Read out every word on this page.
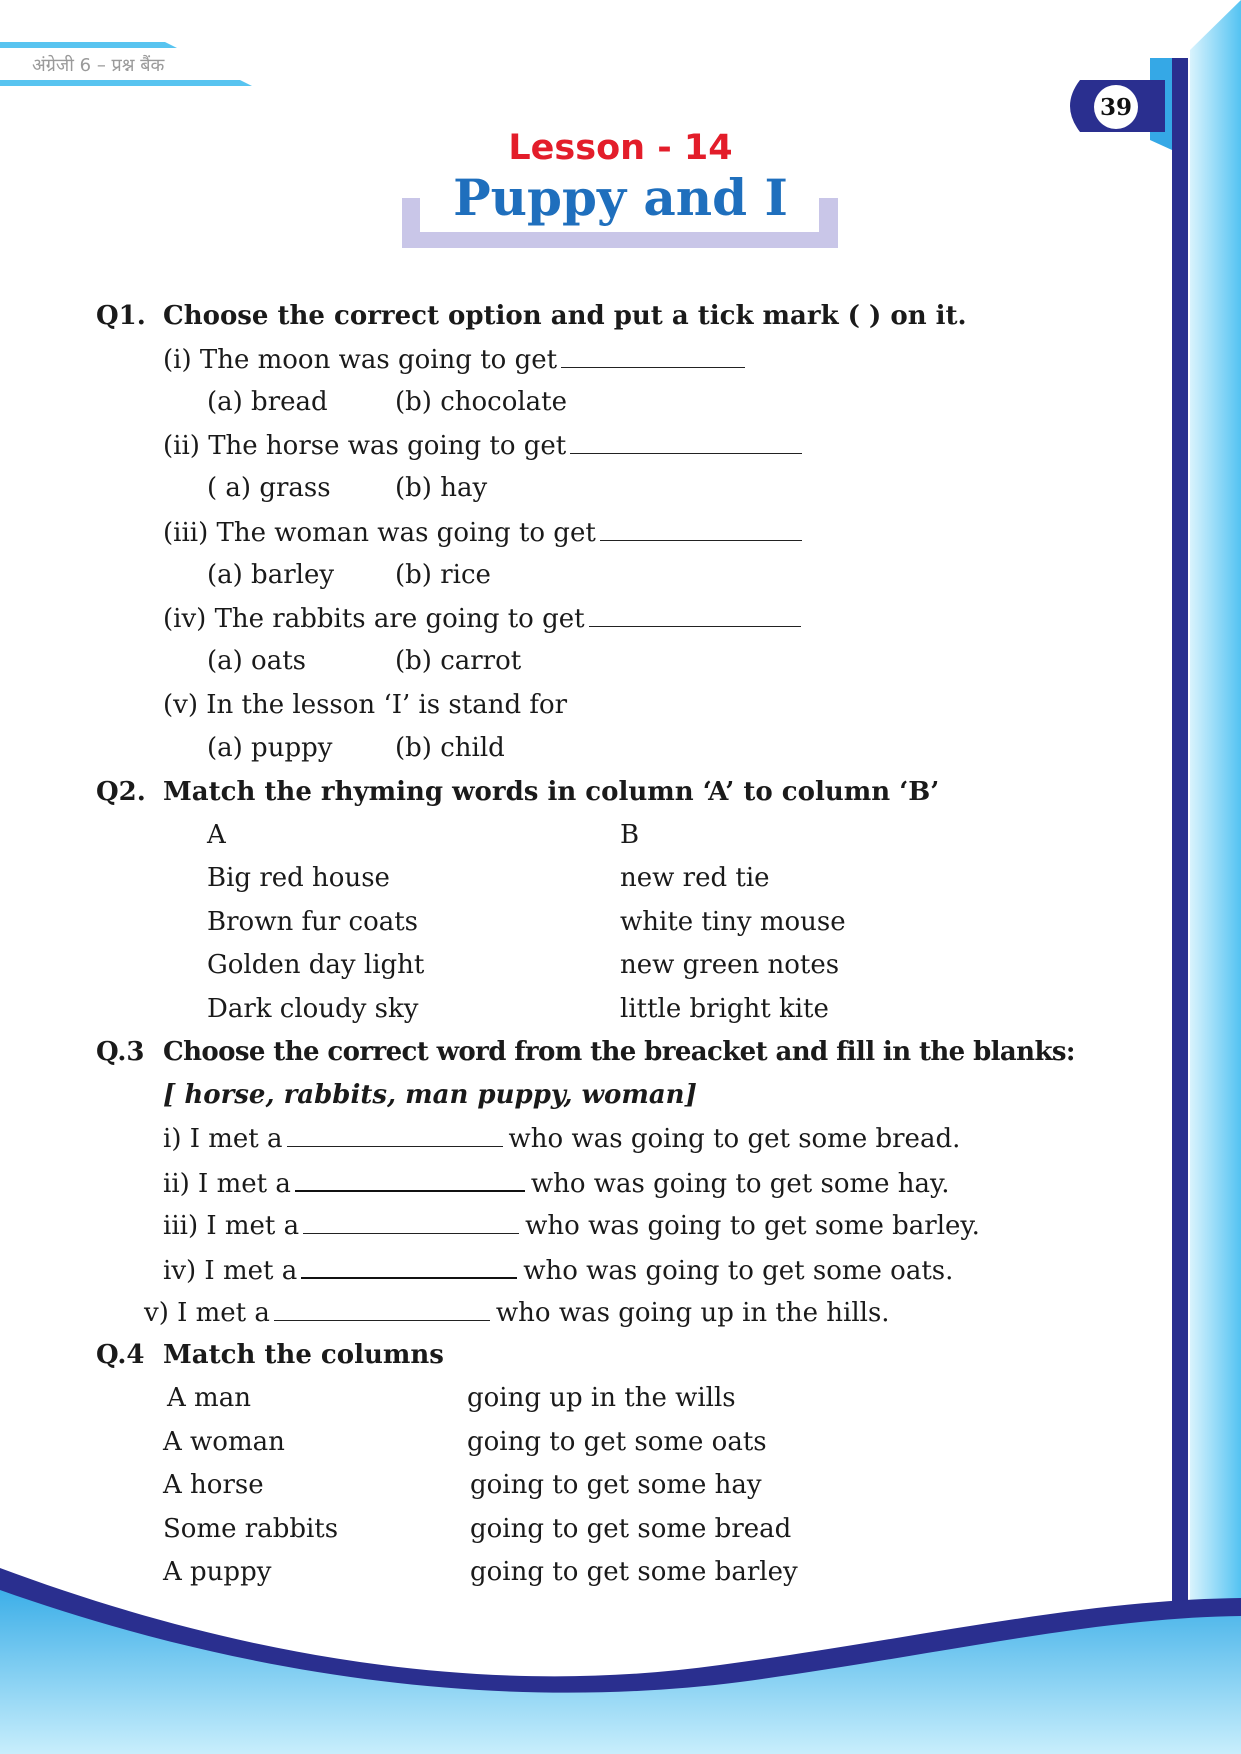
अंग्रेजी 6 – प्रश्न बैंक
39
Lesson - 14
Puppy and I
Q1. Choose the correct option and put a tick mark ( ) on it.
(i) The moon was going to get
(a) bread	(b) chocolate
(ii) The horse was going to get
( a) grass (b) hay
(iii) The woman was going to get
(a) barley (b) rice
(iv) The rabbits are going to get
(a) oats	(b) carrot
(v) In the lesson ‘I’ is stand for
(a) puppy (b) child
Q2. Match the rhyming words in column ‘A’ to column ‘B’
A	B
Big red house	new red tie
Brown fur coats	white tiny mouse
Golden day light	new green notes
Dark cloudy sky	little bright kite
Q.3 Choose the correct word from the breacket and fill in the blanks:
[ horse, rabbits, man puppy, woman]
i) I met a	who was going to get some bread.
ii) I met a	who was going to get some hay.
iii) I met a	who was going to get some barley.
iv) I met a	who was going to get some oats.
v) I met a	who was going up in the hills.
Q.4 Match the columns
A man	going up in the wills
A woman	going to get some oats
A horse	going to get some hay
Some rabbits	going to get some bread
A puppy	going to get some barley
